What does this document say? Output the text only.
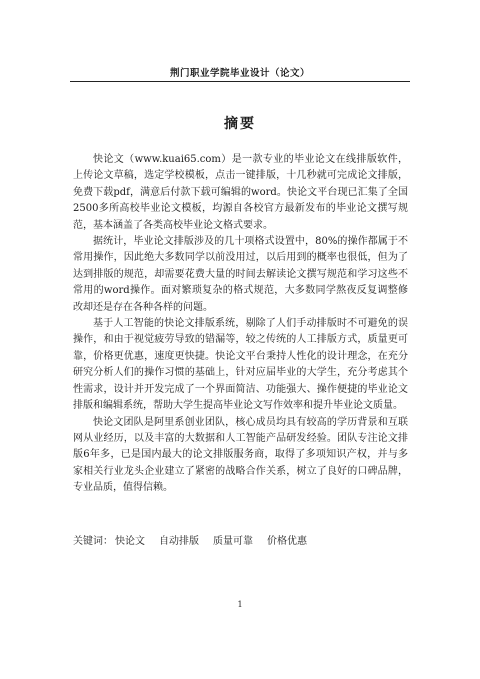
荆门职业学院毕业设计（论文）
摘要

快论文（www.kuai65.com）是一款专业的毕业论文在线排版软件，上传论文草稿，选定学校模板，点击一键排版，十几秒就可完成论文排版，免费下载pdf，满意后付款下载可编辑的word。快论文平台现已汇集了全国2500多所高校毕业论文模板，均源自各校官方最新发布的毕业论文撰写规范，基本涵盖了各类高校毕业论文格式要求。

据统计，毕业论文排版涉及的几十项格式设置中，80%的操作都属于不常用操作，因此绝大多数同学以前没用过，以后用到的概率也很低，但为了达到排版的规范，却需要花费大量的时间去解读论文撰写规范和学习这些不常用的word操作。面对繁琐复杂的格式规范，大多数同学熬夜反复调整修改却还是存在各种各样的问题。

基于人工智能的快论文排版系统，剔除了人们手动排版时不可避免的误操作，和由于视觉疲劳导致的错漏等，较之传统的人工排版方式，质量更可靠，价格更优惠，速度更快捷。快论文平台秉持人性化的设计理念，在充分研究分析人们的操作习惯的基础上，针对应届毕业的大学生，充分考虑其个性需求，设计并开发完成了一个界面简洁、功能强大、操作便捷的毕业论文排版和编辑系统，帮助大学生提高毕业论文写作效率和提升毕业论文质量。

快论文团队是阿里系创业团队，核心成员均具有较高的学历背景和互联网从业经历，以及丰富的大数据和人工智能产品研发经验。团队专注论文排版6年多，已是国内最大的论文排版服务商，取得了多项知识产权，并与多家相关行业龙头企业建立了紧密的战略合作关系，树立了良好的口碑品牌，专业品质，值得信赖。

关键词： 快论文 自动排版 质量可靠 价格优惠
1
